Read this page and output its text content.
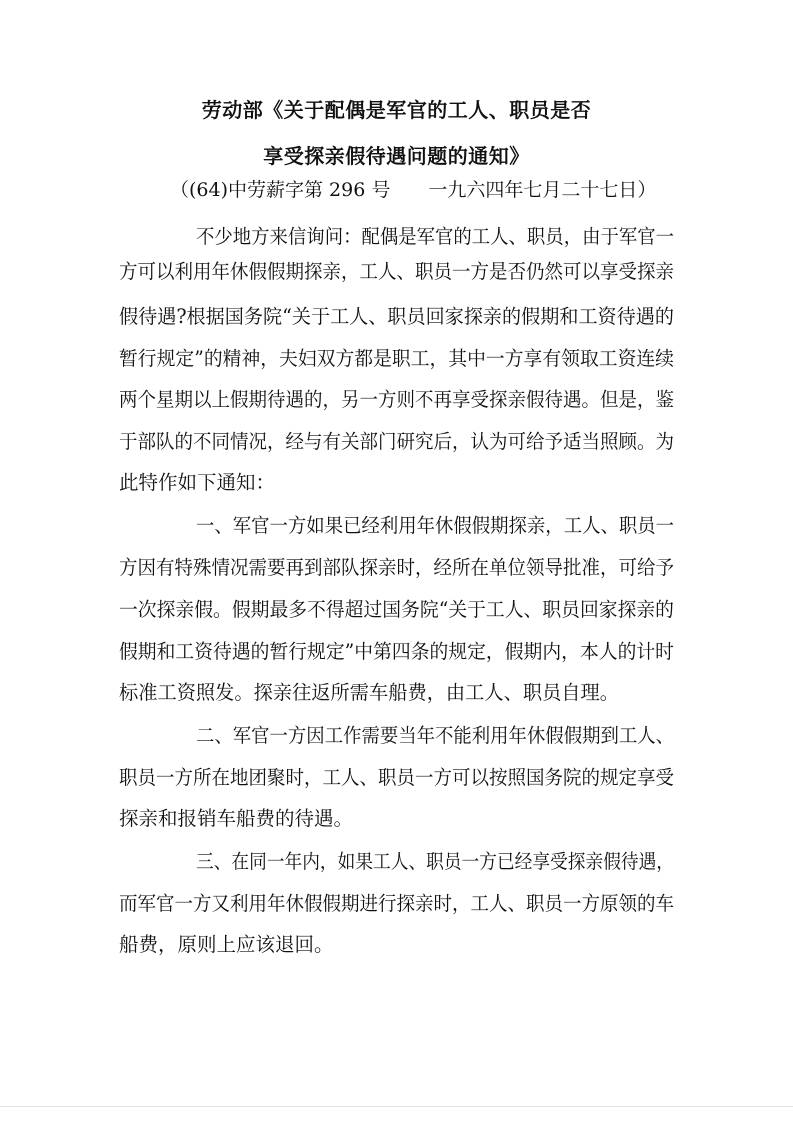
劳动部《关于配偶是军官的工人、职员是否
享受探亲假待遇问题的通知》

（(64)中劳薪字第 296 号　　一九六四年七月二十七日）

不少地方来信询问：配偶是军官的工人、职员，由于军官一

方可以利用年休假假期探亲，工人、职员一方是否仍然可以享受探亲

假待遇?根据国务院“关于工人、职员回家探亲的假期和工资待遇的

暂行规定”的精神，夫妇双方都是职工，其中一方享有领取工资连续

两个星期以上假期待遇的，另一方则不再享受探亲假待遇。但是，鉴

于部队的不同情况，经与有关部门研究后，认为可给予适当照顾。为

此特作如下通知：

一、军官一方如果已经利用年休假假期探亲，工人、职员一

方因有特殊情况需要再到部队探亲时，经所在单位领导批准，可给予

一次探亲假。假期最多不得超过国务院“关于工人、职员回家探亲的

假期和工资待遇的暂行规定”中第四条的规定，假期内，本人的计时

标准工资照发。探亲往返所需车船费，由工人、职员自理。

二、军官一方因工作需要当年不能利用年休假假期到工人、

职员一方所在地团聚时，工人、职员一方可以按照国务院的规定享受

探亲和报销车船费的待遇。

三、在同一年内，如果工人、职员一方已经享受探亲假待遇，

而军官一方又利用年休假假期进行探亲时，工人、职员一方原领的车

船费，原则上应该退回。
